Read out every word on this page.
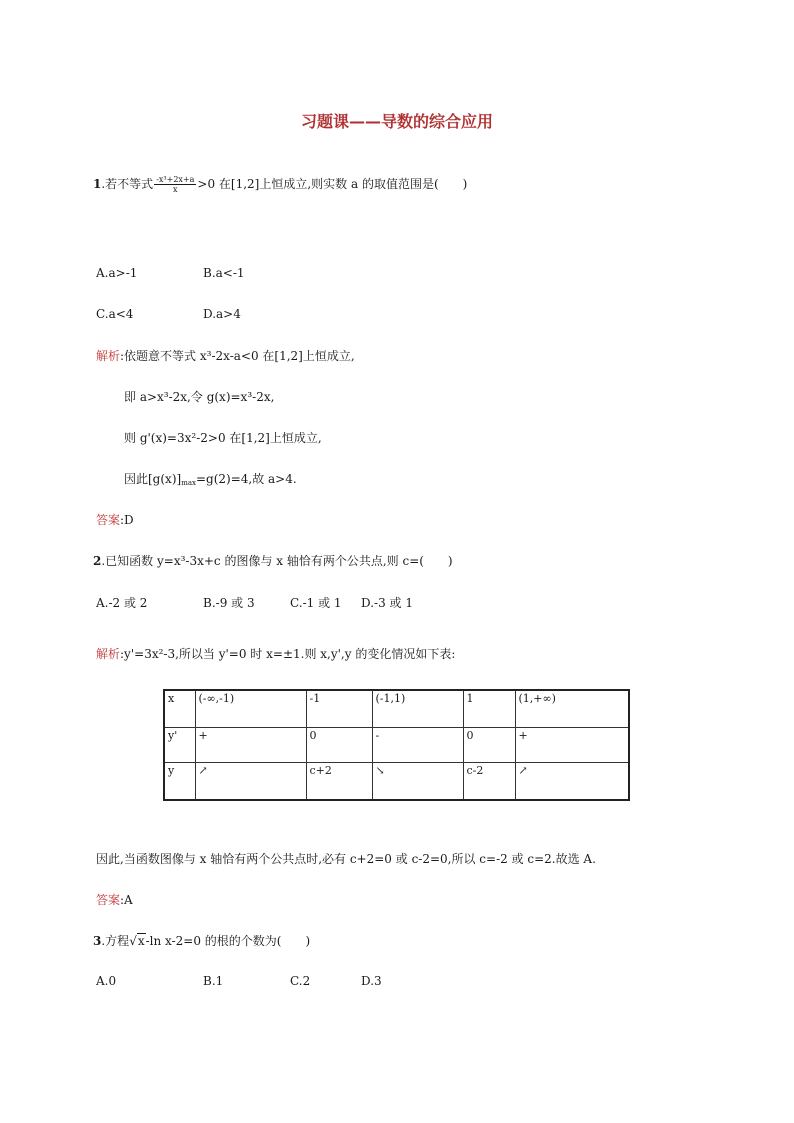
习题课——导数的综合应用
1.若不等式 $\frac{\text{-x³+2x+a}}{x} >0$ 在[1,2]上恒成立,则实数 a 的取值范围是(　　)
A.a>-1	B.a<-1
C.a<4	D.a>4
解析:依题意不等式 x³-2x-a<0 在[1,2]上恒成立,
即 a>x³-2x,令 g(x)=x³-2x,
则 g'(x)=3x²-2>0 在[1,2]上恒成立,
因此$[g(x)]_{max}=g(2)=4$,故 a>4.
答案:D
2.已知函数 y=x³-3x+c 的图像与 x 轴恰有两个公共点,则 c=(　　)
A.-2 或 2	B.-9 或 3	C.-1 或 1 D.-3 或 1
解析:y'=3x²-3,所以当 y'=0 时 x=±1.则 x,y',y 的变化情况如下表:
x	(-∞,-1)	-1	(-1,1)	1	(1,+∞)
y'	+	0	-	0	+
y	↗	c+2	↘	c-2	↗
因此,当函数图像与 x 轴恰有两个公共点时,必有 c+2=0 或 c-2=0,所以 c=-2 或 c=2.故选 A.
答案:A
3.方程√x-ln x-2=0 的根的个数为(　　)
A.0	B.1	C.2	D.3
